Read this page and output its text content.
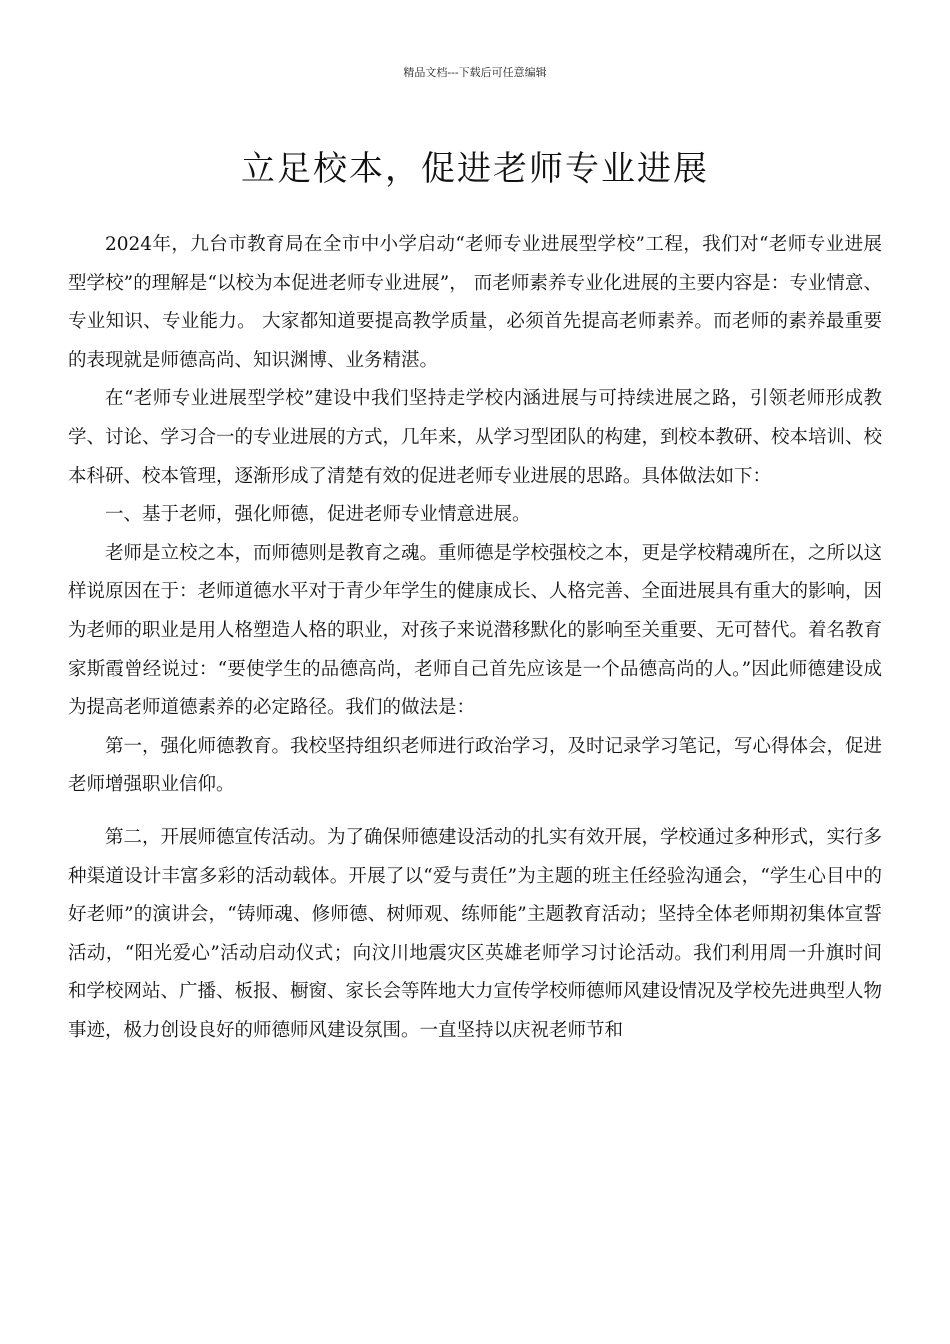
精品文档---下载后可任意编辑
立足校本，促进老师专业进展

2024年，九台市教育局在全市中小学启动“老师专业进展型学校”工程，我们对“老师专业进展型学校”的理解是“以校为本促进老师专业进展”， 而老师素养专业化进展的主要内容是：专业情意、专业知识、专业能力。 大家都知道要提高教学质量，必须首先提高老师素养。而老师的素养最重要的表现就是师德高尚、知识渊博、业务精湛。

在“老师专业进展型学校”建设中我们坚持走学校内涵进展与可持续进展之路，引领老师形成教学、讨论、学习合一的专业进展的方式，几年来，从学习型团队的构建，到校本教研、校本培训、校本科研、校本管理，逐渐形成了清楚有效的促进老师专业进展的思路。具体做法如下：

一、基于老师，强化师德，促进老师专业情意进展。

老师是立校之本，而师德则是教育之魂。重师德是学校强校之本，更是学校精魂所在，之所以这样说原因在于：老师道德水平对于青少年学生的健康成长、人格完善、全面进展具有重大的影响，因为老师的职业是用人格塑造人格的职业，对孩子来说潜移默化的影响至关重要、无可替代。着名教育家斯霞曾经说过：“要使学生的品德高尚，老师自己首先应该是一个品德高尚的人。”因此师德建设成为提高老师道德素养的必定路径。我们的做法是：

第一，强化师德教育。我校坚持组织老师进行政治学习，及时记录学习笔记，写心得体会，促进老师增强职业信仰。

第二，开展师德宣传活动。为了确保师德建设活动的扎实有效开展，学校通过多种形式，实行多种渠道设计丰富多彩的活动载体。开展了以“爱与责任”为主题的班主任经验沟通会，“学生心目中的好老师”的演讲会，“铸师魂、修师德、树师观、练师能”主题教育活动；坚持全体老师期初集体宣誓活动，“阳光爱心”活动启动仪式；向汶川地震灾区英雄老师学习讨论活动。我们利用周一升旗时间和学校网站、广播、板报、橱窗、家长会等阵地大力宣传学校师德师风建设情况及学校先进典型人物事迹，极力创设良好的师德师风建设氛围。一直坚持以庆祝老师节和
